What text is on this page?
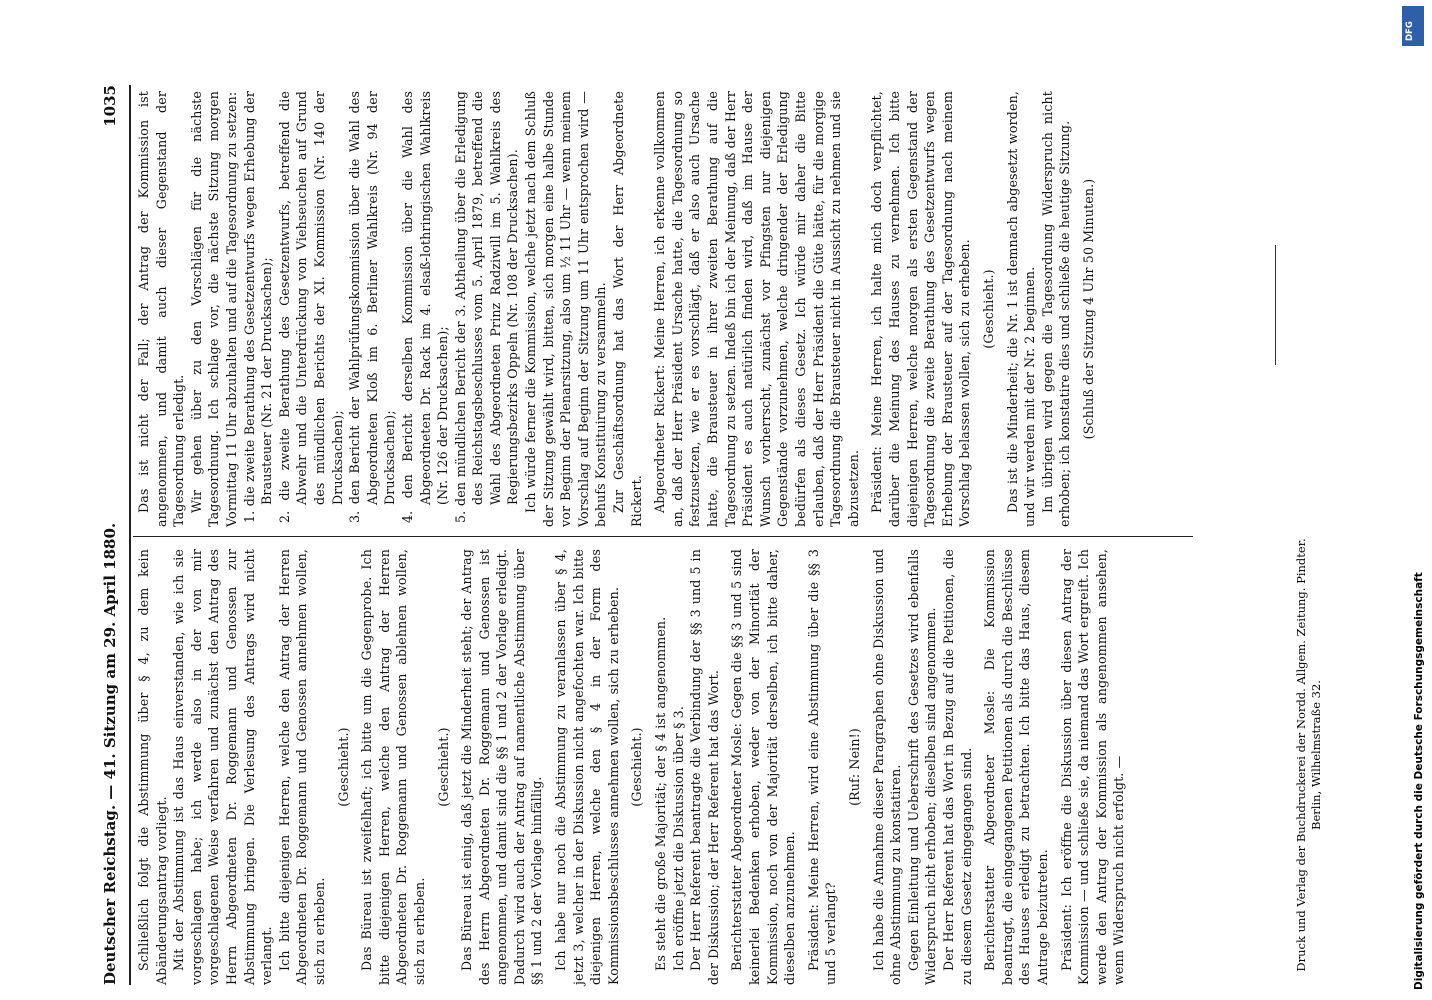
Deutscher Reichstag. — 41. Sitzung am 29. April 1880.
1035

Schließlich folgt die Abstimmung über § 4, zu dem kein Abänderungsantrag vorliegt. Mit der Abstimmung ist das Haus einverstanden, wie ich sie vorgeschlagen habe; ich werde also in der von mir vorgeschlagenen Weise verfahren und zunächst den Antrag des Herrn Abgeordneten Dr. Roggemann und Genossen zur Abstimmung bringen. Die Verlesung des Antrags wird nicht verlangt. Ich bitte diejenigen Herren, welche den Antrag der Herren Abgeordneten Dr. Roggemann und Genossen annehmen wollen, sich zu erheben.

(Geschieht.) Das Büreau ist zweifelhaft; ich bitte um die Gegenprobe. Ich bitte diejenigen Herren, welche den Antrag der Herren Abgeordneten Dr. Roggemann und Genossen ablehnen wollen, sich zu erheben.

(Geschieht.) Das Büreau ist einig, daß jetzt die Minderheit steht; der Antrag des Herrn Abgeordneten Dr. Roggemann und Genossen ist angenommen, und damit sind die §§ 1 und 2 der Vorlage erledigt. Dadurch wird auch der Antrag auf namentliche Abstimmung über §§ 1 und 2 der Vorlage hinfällig. Ich habe nur noch die Abstimmung zu veranlassen über § 4, jetzt 3, welcher in der Diskussion nicht angefochten war. Ich bitte diejenigen Herren, welche den § 4 in der Form des Kommissionsbeschlusses annehmen wollen, sich zu erheben. (Geschieht.) Es steht die große Majorität; der § 4 ist angenommen. Ich eröffne jetzt die Diskussion über § 3. Der Herr Referent beantragte die Verbindung der §§ 3 und 5 in der Diskussion; der Herr Referent hat das Wort. Berichterstatter Abgeordneter Mosle: Gegen die §§ 3 und 5 sind keinerlei Bedenken erhoben, weder von der Minorität der Kommission, noch von der Majorität derselben, ich bitte daher, dieselben anzunehmen. Präsident: Meine Herren, wird eine Abstimmung über die §§ 3 und 5 verlangt?

(Ruf: Nein!) Ich habe die Annahme dieser Paragraphen ohne Diskussion und ohne Abstimmung zu konstatiren. Gegen Einleitung und Ueberschrift des Gesetzes wird ebenfalls Widerspruch nicht erhoben; dieselben sind angenommen. Der Herr Referent hat das Wort in Bezug auf die Petitionen, die zu diesem Gesetz eingegangen sind. Berichterstatter Abgeordneter Mosle: Die Kommission beantragt, die eingegangenen Petitionen als durch die Beschlüsse des Hauses erledigt zu betrachten. Ich bitte das Haus, diesem Antrage beizutreten. Präsident: Ich eröffne die Diskussion über diesen Antrag der Kommission — und schließe sie, da niemand das Wort ergreift. Ich werde den Antrag der Kommission als angenommen ansehen, wenn Widerspruch nicht erfolgt. —

Das ist nicht der Fall; der Antrag der Kommission ist angenommen, und damit auch dieser Gegenstand der Tagesordnung erledigt. Wir gehen über zu den Vorschlägen für die nächste Tagesordnung. Ich schlage vor, die nächste Sitzung morgen Vormittag 11 Uhr abzuhalten und auf die Tagesordnung zu setzen: 1. die zweite Berathung des Gesetzentwurfs wegen Erhebung der Brausteuer (Nr. 21 der Drucksachen); 2. die zweite Berathung des Gesetzentwurfs, betreffend die Abwehr und die Unterdrückung von Viehseuchen auf Grund des mündlichen Berichts der XI. Kommission (Nr. 140 der Drucksachen); 3. den Bericht der Wahlprüfungskommission über die Wahl des Abgeordneten Kloß im 6. Berliner Wahlkreis (Nr. 94 der Drucksachen); 4. den Bericht derselben Kommission über die Wahl des Abgeordneten Dr. Rack im 4. elsaß-lothringischen Wahlkreis (Nr. 126 der Drucksachen); 5. den mündlichen Bericht der 3. Abtheilung über die Erledigung des Reichstagsbeschlusses vom 5. April 1879, betreffend die Wahl des Abgeordneten Prinz Radziwill im 5. Wahlkreis des Regierungsbezirks Oppeln (Nr. 108 der Drucksachen). Ich würde ferner die Kommission, welche jetzt nach dem Schluß der Sitzung gewählt wird, bitten, sich morgen eine halbe Stunde vor Beginn der Plenarsitzung, also um ½ 11 Uhr — wenn meinem Vorschlag auf Beginn der Sitzung um 11 Uhr entsprochen wird — behufs Konstituirung zu versammeln. Zur Geschäftsordnung hat das Wort der Herr Abgeordnete Rickert. Abgeordneter Rickert: Meine Herren, ich erkenne vollkommen an, daß der Herr Präsident Ursache hatte, die Tagesordnung so festzusetzen, wie er es vorschlägt, daß er also auch Ursache hatte, die Brausteuer in ihrer zweiten Berathung auf die Tagesordnung zu setzen. Indeß bin ich der Meinung, daß der Herr Präsident es auch natürlich finden wird, daß im Hause der Wunsch vorherrscht, zunächst vor Pfingsten nur diejenigen Gegenstände vorzunehmen, welche dringender der Erledigung bedürfen als dieses Gesetz. Ich würde mir daher die Bitte erlauben, daß der Herr Präsident die Güte hätte, für die morgige Tagesordnung die Brausteuer nicht in Aussicht zu nehmen und sie abzusetzen. Präsident: Meine Herren, ich halte mich doch verpflichtet, darüber die Meinung des Hauses zu vernehmen. Ich bitte diejenigen Herren, welche morgen als ersten Gegenstand der Tagesordnung die zweite Berathung des Gesetzentwurfs wegen Erhebung der Brausteuer auf der Tagesordnung nach meinem Vorschlag belassen wollen, sich zu erheben. (Geschieht.) Das ist die Minderheit; die Nr. 1 ist demnach abgesetzt worden, und wir werden mit der Nr. 2 beginnen. Im übrigen wird gegen die Tagesordnung Widerspruch nicht erhoben; ich konstatire dies und schließe die heutige Sitzung. (Schluß der Sitzung 4 Uhr 50 Minuten.)

Druck und Verlag der Buchdruckerei der Nordd. Allgem. Zeitung. Pindter. Berlin, Wilhelmstraße 32.
DFG
Digitalisierung gefördert durch die Deutsche Forschungsgemeinschaft
